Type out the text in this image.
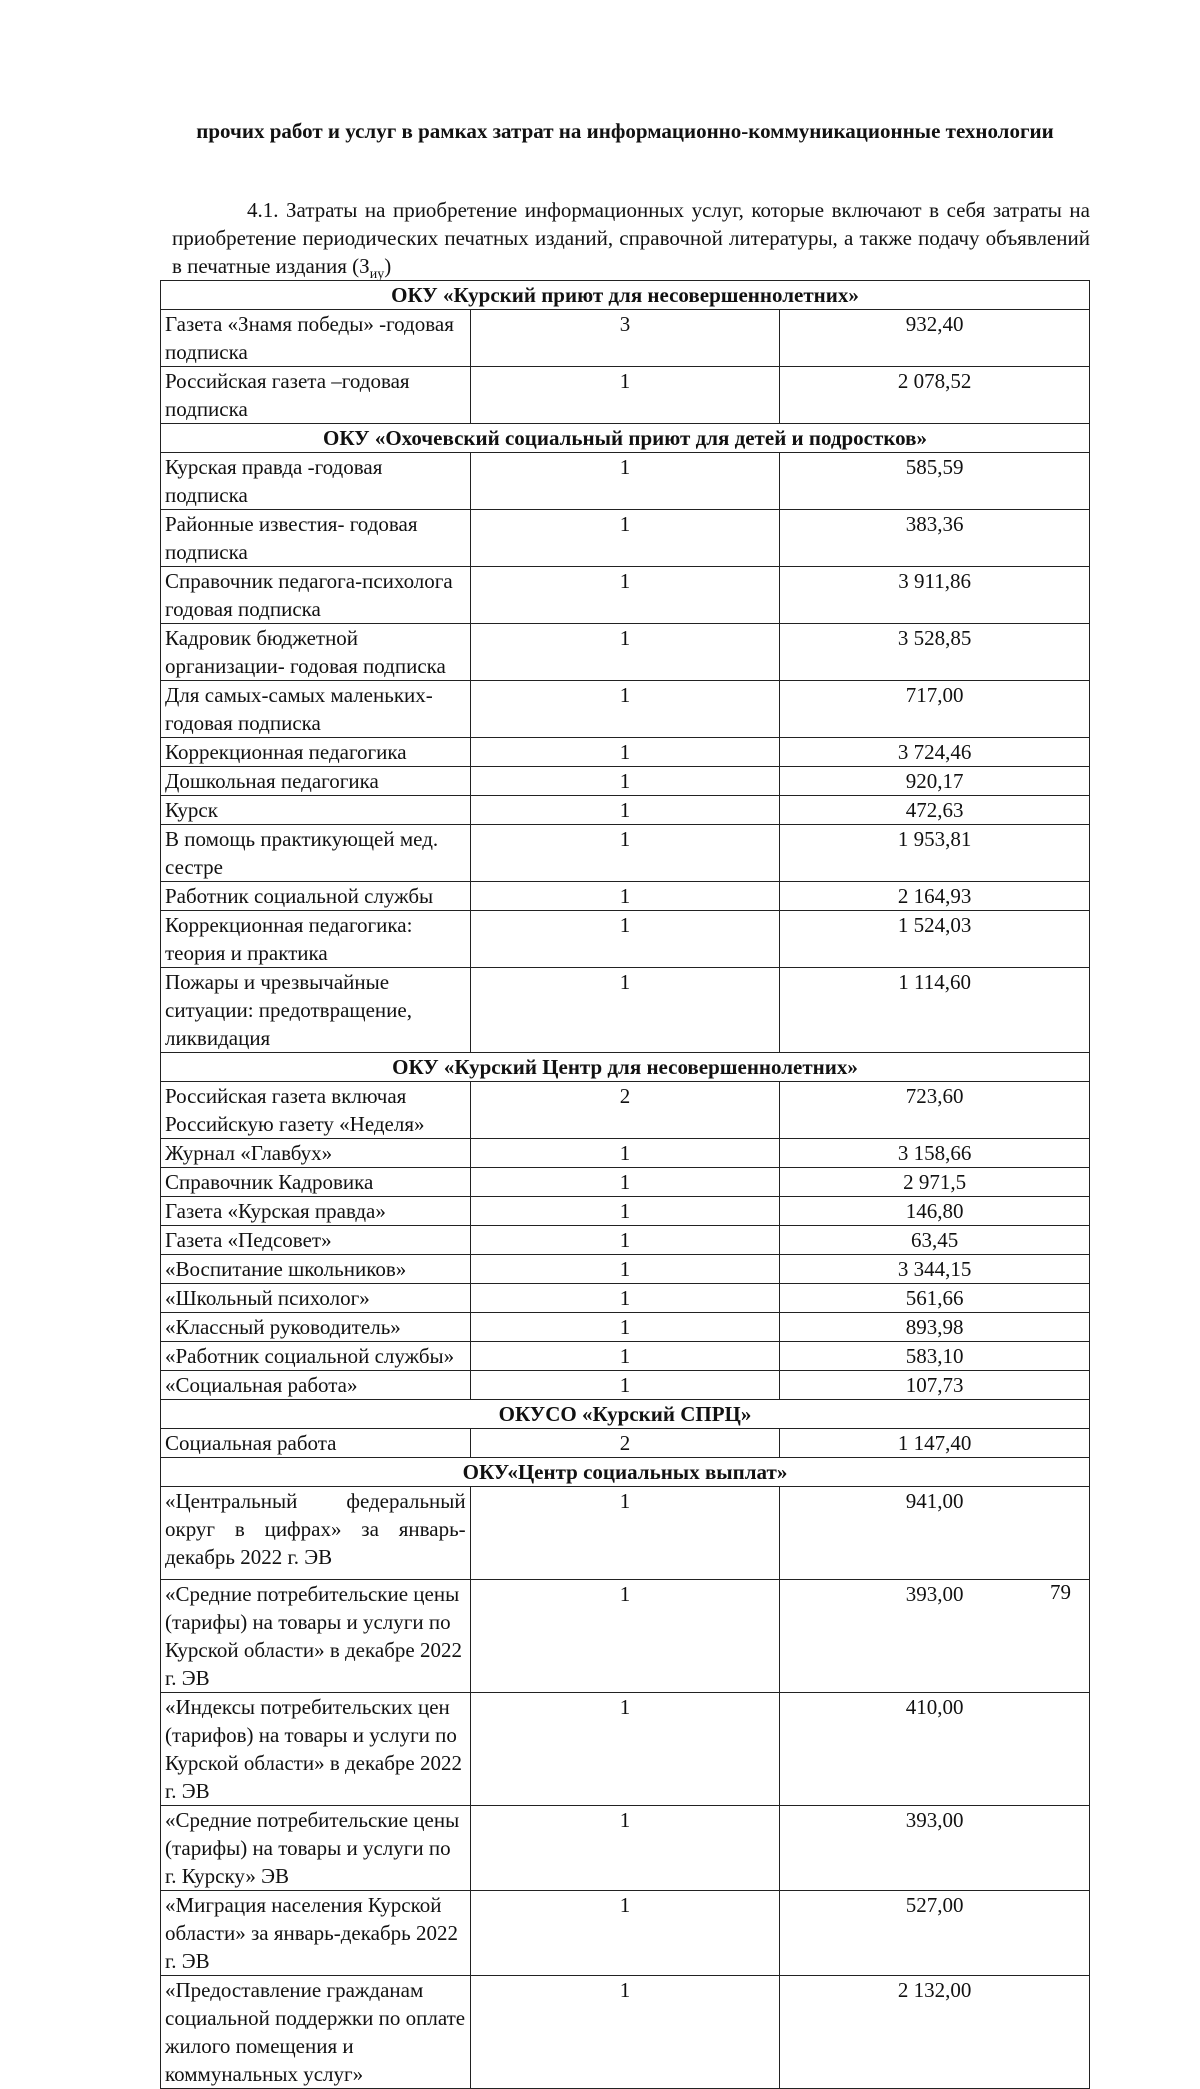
прочих работ и услуг в рамках затрат на информационно-коммуникационные технологии
4.1. Затраты на приобретение информационных услуг, которые включают в себя затраты на приобретение периодических печатных изданий, справочной литературы, а также подачу объявлений в печатные издания $(З_{иу})$
ОКУ «Курский приют для несовершеннолетних»		
Газета «Знамя победы» -годовая подписка	3	932,40
Российская газета –годовая подписка	1	2 078,52
ОКУ «Охочевский социальный приют для детей и подростков»		
Курская правда -годовая подписка	1	585,59
Районные известия- годовая подписка	1	383,36
Справочник педагога-психолога годовая подписка	1	3 911,86
Кадровик бюджетной организации- годовая подписка	1	3 528,85
Для самых-самых маленьких- годовая подписка	1	717,00
Коррекционная педагогика	1	3 724,46
Дошкольная педагогика	1	920,17
Курск	1	472,63
В помощь практикующей мед. сестре	1	1 953,81
Работник социальной службы	1	2 164,93
Коррекционная педагогика: теория и практика	1	1 524,03
Пожары и чрезвычайные ситуации: предотвращение, ликвидация	1	1 114,60
ОКУ «Курский Центр для несовершеннолетних»		
Российская газета включая Российскую газету «Неделя»	2	723,60
Журнал «Главбух»	1	3 158,66
Справочник Кадровика	1	2 971,5
Газета «Курская правда»	1	146,80
Газета «Педсовет»	1	63,45
«Воспитание школьников»	1	3 344,15
«Школьный психолог»	1	561,66
«Классный руководитель»	1	893,98
«Работник социальной службы»	1	583,10
«Социальная работа»	1	107,73
ОКУСО «Курский СПРЦ»		
Социальная работа	2	1 147,40
ОКУ«Центр социальных выплат»		
«Центральный федеральный округ в цифрах» за январь-декабрь 2022 г. ЭВ	1	941,00
«Средние потребительские цены (тарифы) на товары и услуги по Курской области» в декабре 2022 г. ЭВ	1	393,00
«Индексы потребительских цен (тарифов) на товары и услуги по Курской области» в декабре 2022 г. ЭВ	1	410,00
«Средние потребительские цены (тарифы) на товары и услуги по г. Курску» ЭВ	1	393,00
«Миграция населения Курской области» за январь-декабрь 2022 г. ЭВ	1	527,00
«Предоставление гражданам социальной поддержки по оплате жилого помещения и коммунальных услуг»	1	2 132,00
79
